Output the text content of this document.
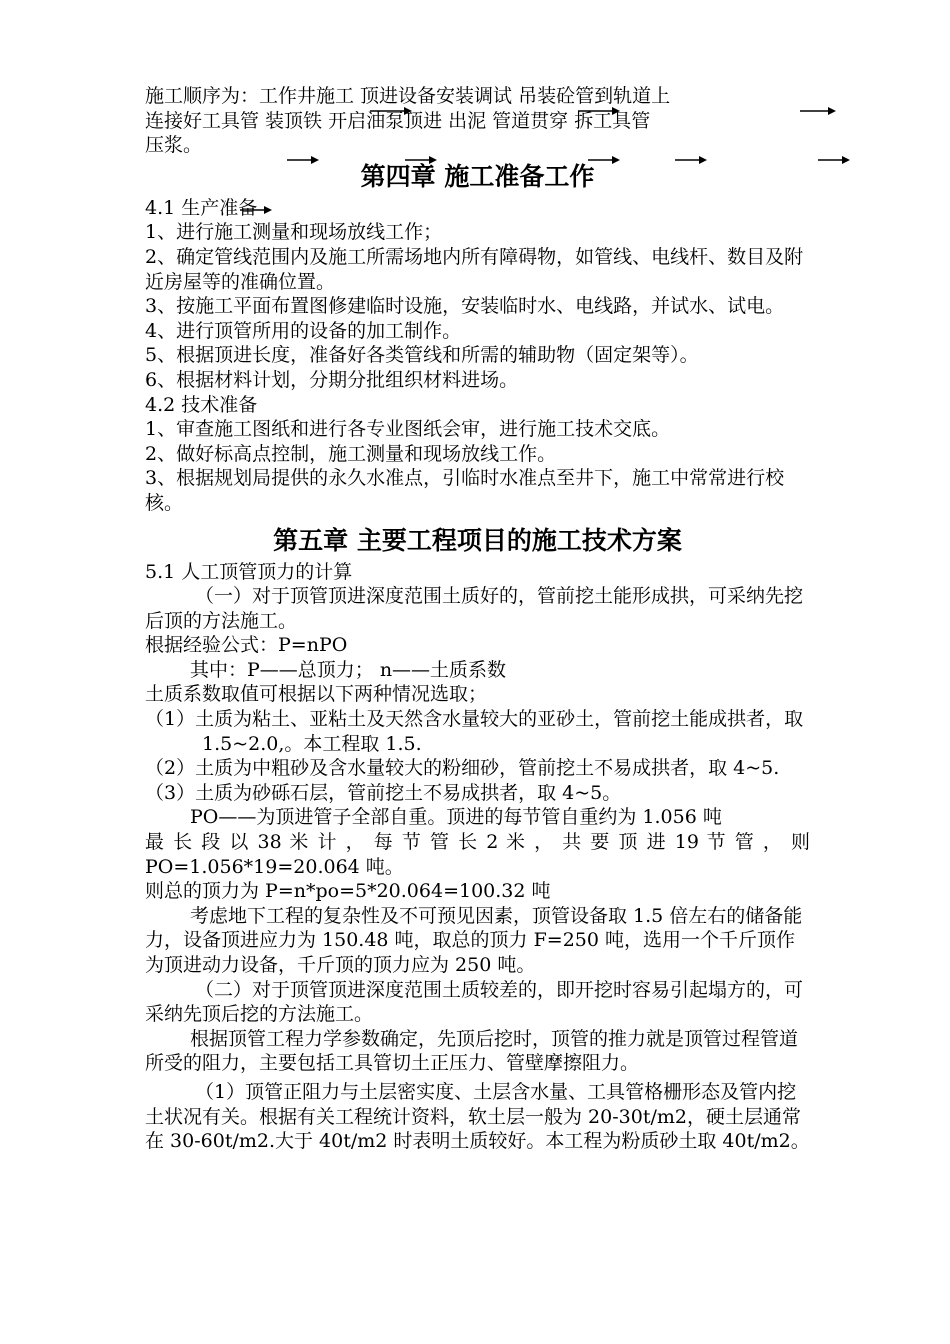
施工顺序为：工作井施工 顶进设备安装调试 吊装砼管到轨道上

连接好工具管 装顶铁 开启油泵顶进 出泥 管道贯穿 拆工具管

压浆。

第四章 施工准备工作

4.1 生产准备

1、进行施工测量和现场放线工作；

2、确定管线范围内及施工所需场地内所有障碍物，如管线、电线杆、数目及附近房屋等的准确位置。

3、按施工平面布置图修建临时设施，安装临时水、电线路，并试水、试电。

4、进行顶管所用的设备的加工制作。

5、根据顶进长度，准备好各类管线和所需的辅助物（固定架等）。

6、根据材料计划，分期分批组织材料进场。

4.2 技术准备

1、审查施工图纸和进行各专业图纸会审，进行施工技术交底。

2、做好标高点控制，施工测量和现场放线工作。

3、根据规划局提供的永久水准点，引临时水准点至井下，施工中常常进行校核。

第五章 主要工程项目的施工技术方案

5.1 人工顶管顶力的计算

（一）对于顶管顶进深度范围土质好的，管前挖土能形成拱，可采纳先挖后顶的方法施工。

根据经验公式：P=nPO

其中：P——总顶力； n——土质系数

土质系数取值可根据以下两种情况选取；

（1）土质为粘土、亚粘土及天然含水量较大的亚砂土，管前挖土能成拱者，取 1.5~2.0,。本工程取 1.5.

（2）土质为中粗砂及含水量较大的粉细砂，管前挖土不易成拱者，取 4~5.

（3）土质为砂砾石层，管前挖土不易成拱者，取 4~5。

PO——为顶进管子全部自重。顶进的每节管自重约为 1.056 吨

最 长 段 以 38 米 计 ， 每 节 管 长 2 米 ， 共 要 顶 进 19 节 管 ， 则

PO=1.056*19=20.064 吨。

则总的顶力为 P=n*po=5*20.064=100.32 吨

考虑地下工程的复杂性及不可预见因素，顶管设备取 1.5 倍左右的储备能力，设备顶进应力为 150.48 吨，取总的顶力 F=250 吨，选用一个千斤顶作为顶进动力设备，千斤顶的顶力应为 250 吨。

（二）对于顶管顶进深度范围土质较差的，即开挖时容易引起塌方的，可采纳先顶后挖的方法施工。

根据顶管工程力学参数确定，先顶后挖时，顶管的推力就是顶管过程管道所受的阻力，主要包括工具管切土正压力、管壁摩擦阻力。

（1）顶管正阻力与土层密实度、土层含水量、工具管格栅形态及管内挖土状况有关。根据有关工程统计资料，软土层一般为 20-30t/m2，硬土层通常在 30-60t/m2.大于 40t/m2 时表明土质较好。本工程为粉质砂土取 40t/m2。
